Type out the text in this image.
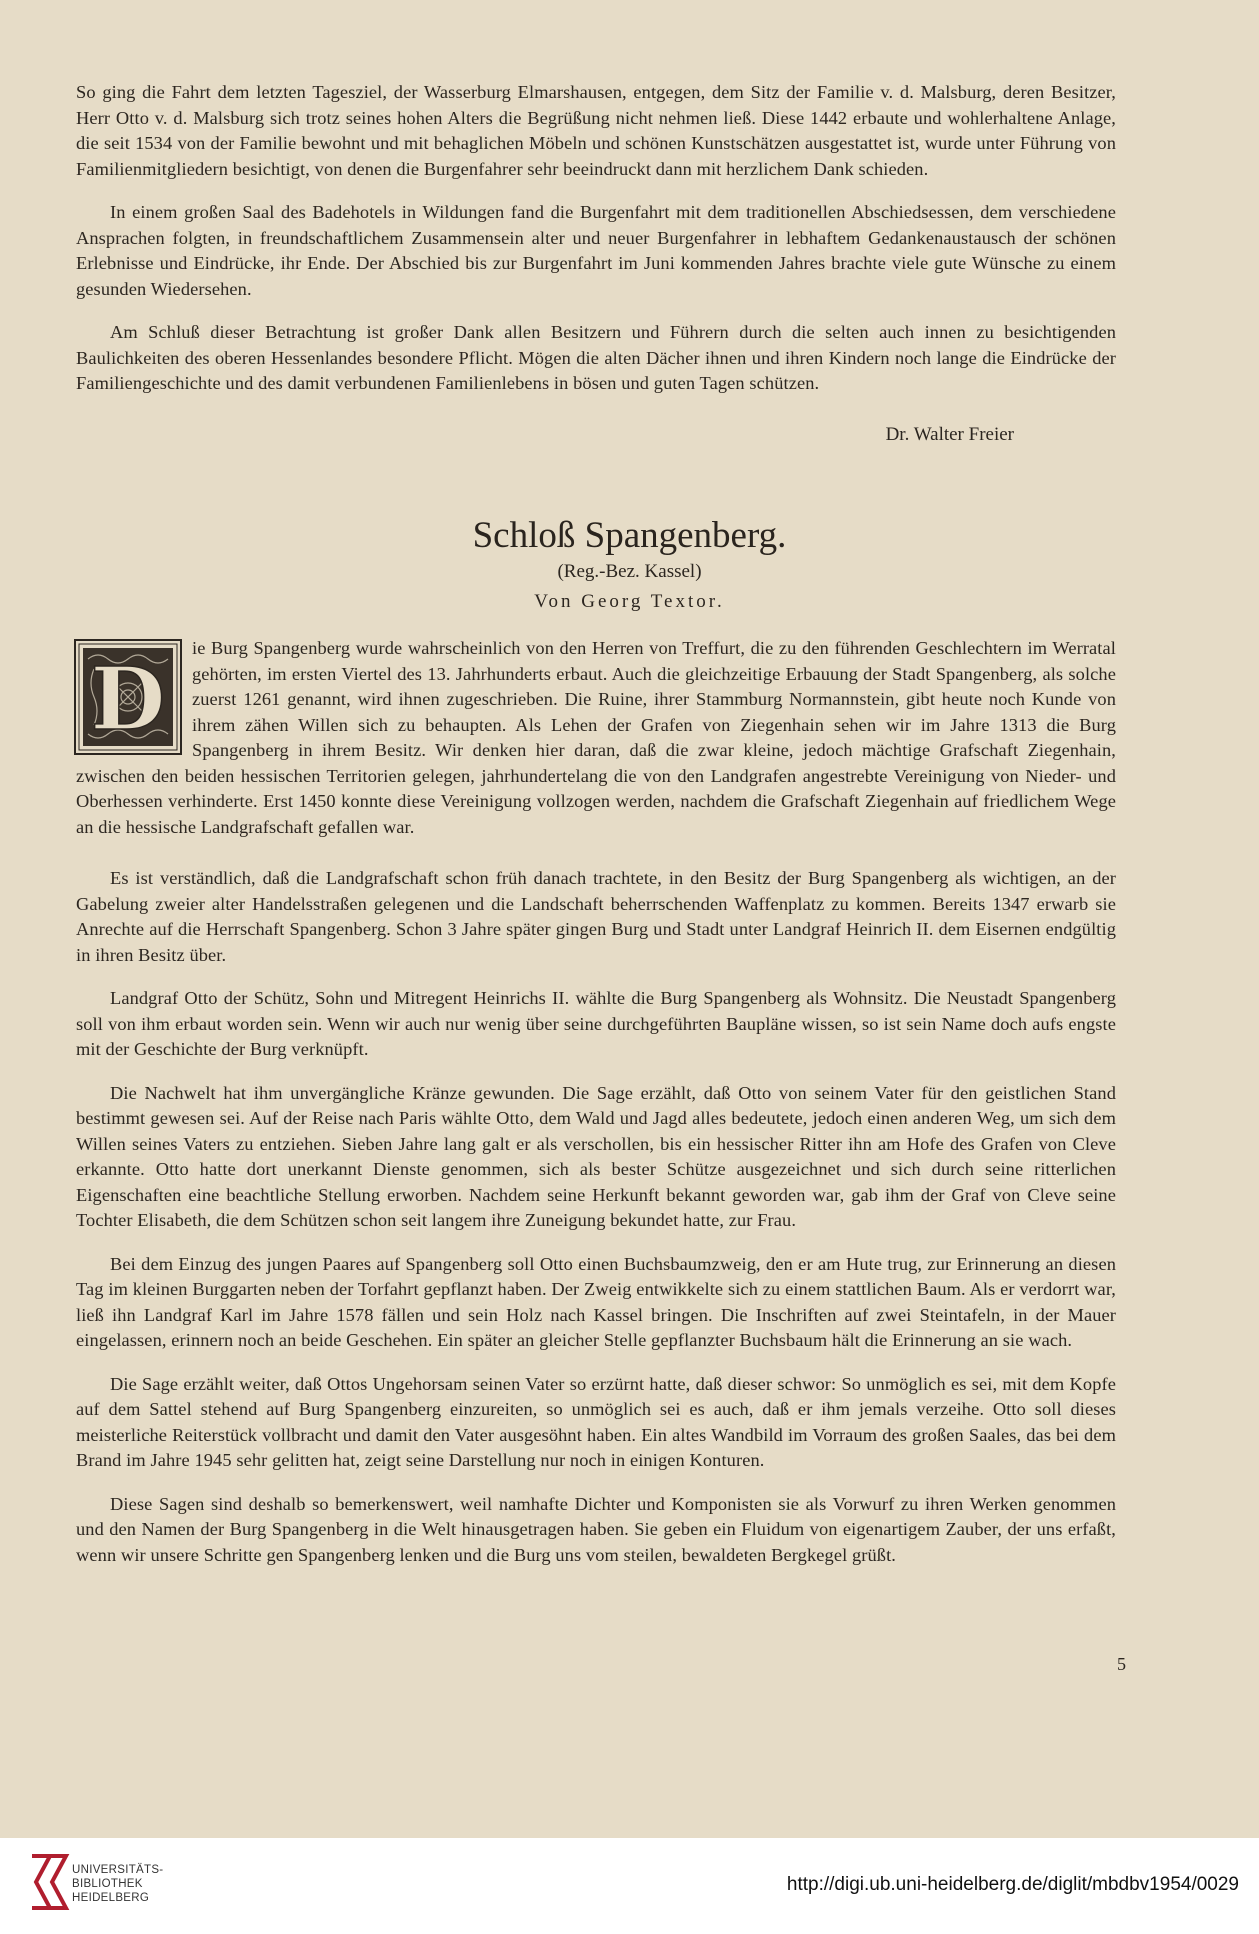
So ging die Fahrt dem letzten Tagesziel, der Wasserburg Elmarshausen, entgegen, dem Sitz der Familie v. d. Malsburg, deren Besitzer, Herr Otto v. d. Malsburg sich trotz seines hohen Alters die Begrüßung nicht nehmen ließ. Diese 1442 erbaute und wohlerhaltene Anlage, die seit 1534 von der Familie bewohnt und mit behaglichen Möbeln und schönen Kunstschätzen ausgestattet ist, wurde unter Führung von Familienmitgliedern besichtigt, von denen die Burgenfahrer sehr beeindruckt dann mit herzlichem Dank schieden.

In einem großen Saal des Badehotels in Wildungen fand die Burgenfahrt mit dem traditionellen Abschiedsessen, dem verschiedene Ansprachen folgten, in freundschaftlichem Zusammensein alter und neuer Burgenfahrer in lebhaftem Gedankenaustausch der schönen Erlebnisse und Eindrücke, ihr Ende. Der Abschied bis zur Burgenfahrt im Juni kommenden Jahres brachte viele gute Wünsche zu einem gesunden Wiedersehen.

Am Schluß dieser Betrachtung ist großer Dank allen Besitzern und Führern durch die selten auch innen zu besichtigenden Baulichkeiten des oberen Hessenlandes besondere Pflicht. Mögen die alten Dächer ihnen und ihren Kindern noch lange die Eindrücke der Familiengeschichte und des damit verbundenen Familienlebens in bösen und guten Tagen schützen.

Dr. Walter Freier
Schloß Spangenberg.
(Reg.-Bez. Kassel)
Von Georg Textor.

D
ie Burg Spangenberg wurde wahrscheinlich von den Herren von Treffurt, die zu den führenden Geschlechtern im Werratal gehörten, im ersten Viertel des 13. Jahrhunderts erbaut. Auch die gleichzeitige Erbauung der Stadt Spangenberg, als solche zuerst 1261 genannt, wird ihnen zugeschrieben. Die Ruine, ihrer Stammburg Normannstein, gibt heute noch Kunde von ihrem zähen Willen sich zu behaupten. Als Lehen der Grafen von Ziegenhain sehen wir im Jahre 1313 die Burg Spangenberg in ihrem Besitz. Wir denken hier daran, daß die zwar kleine, jedoch mächtige Grafschaft Ziegenhain, zwischen den beiden hessischen Territorien gelegen, jahrhundertelang die von den Landgrafen angestrebte Vereinigung von Nieder- und Oberhessen verhinderte. Erst 1450 konnte diese Vereinigung vollzogen werden, nachdem die Grafschaft Ziegenhain auf friedlichem Wege an die hessische Landgrafschaft gefallen war.

Es ist verständlich, daß die Landgrafschaft schon früh danach trachtete, in den Besitz der Burg Spangenberg als wichtigen, an der Gabelung zweier alter Handelsstraßen gelegenen und die Landschaft beherrschenden Waffenplatz zu kommen. Bereits 1347 erwarb sie Anrechte auf die Herrschaft Spangenberg. Schon 3 Jahre später gingen Burg und Stadt unter Landgraf Heinrich II. dem Eisernen endgültig in ihren Besitz über.

Landgraf Otto der Schütz, Sohn und Mitregent Heinrichs II. wählte die Burg Spangenberg als Wohnsitz. Die Neustadt Spangenberg soll von ihm erbaut worden sein. Wenn wir auch nur wenig über seine durchgeführten Baupläne wissen, so ist sein Name doch aufs engste mit der Geschichte der Burg verknüpft.

Die Nachwelt hat ihm unvergängliche Kränze gewunden. Die Sage erzählt, daß Otto von seinem Vater für den geistlichen Stand bestimmt gewesen sei. Auf der Reise nach Paris wählte Otto, dem Wald und Jagd alles bedeutete, jedoch einen anderen Weg, um sich dem Willen seines Vaters zu entziehen. Sieben Jahre lang galt er als verschollen, bis ein hessischer Ritter ihn am Hofe des Grafen von Cleve erkannte. Otto hatte dort unerkannt Dienste genommen, sich als bester Schütze ausgezeichnet und sich durch seine ritterlichen Eigenschaften eine beachtliche Stellung erworben. Nachdem seine Herkunft bekannt geworden war, gab ihm der Graf von Cleve seine Tochter Elisabeth, die dem Schützen schon seit langem ihre Zuneigung bekundet hatte, zur Frau.

Bei dem Einzug des jungen Paares auf Spangenberg soll Otto einen Buchsbaumzweig, den er am Hute trug, zur Erinnerung an diesen Tag im kleinen Burggarten neben der Torfahrt gepflanzt haben. Der Zweig entwikkelte sich zu einem stattlichen Baum. Als er verdorrt war, ließ ihn Landgraf Karl im Jahre 1578 fällen und sein Holz nach Kassel bringen. Die Inschriften auf zwei Steintafeln, in der Mauer eingelassen, erinnern noch an beide Geschehen. Ein später an gleicher Stelle gepflanzter Buchsbaum hält die Erinnerung an sie wach.

Die Sage erzählt weiter, daß Ottos Ungehorsam seinen Vater so erzürnt hatte, daß dieser schwor: So unmöglich es sei, mit dem Kopfe auf dem Sattel stehend auf Burg Spangenberg einzureiten, so unmöglich sei es auch, daß er ihm jemals verzeihe. Otto soll dieses meisterliche Reiterstück vollbracht und damit den Vater ausgesöhnt haben. Ein altes Wandbild im Vorraum des großen Saales, das bei dem Brand im Jahre 1945 sehr gelitten hat, zeigt seine Darstellung nur noch in einigen Konturen.

Diese Sagen sind deshalb so bemerkenswert, weil namhafte Dichter und Komponisten sie als Vorwurf zu ihren Werken genommen und den Namen der Burg Spangenberg in die Welt hinausgetragen haben. Sie geben ein Fluidum von eigenartigem Zauber, der uns erfaßt, wenn wir unsere Schritte gen Spangenberg lenken und die Burg uns vom steilen, bewaldeten Bergkegel grüßt.

5
UNIVERSITÄTS-
BIBLIOTHEK
HEIDELBERG
http://digi.ub.uni-heidelberg.de/diglit/mbdbv1954/0029
